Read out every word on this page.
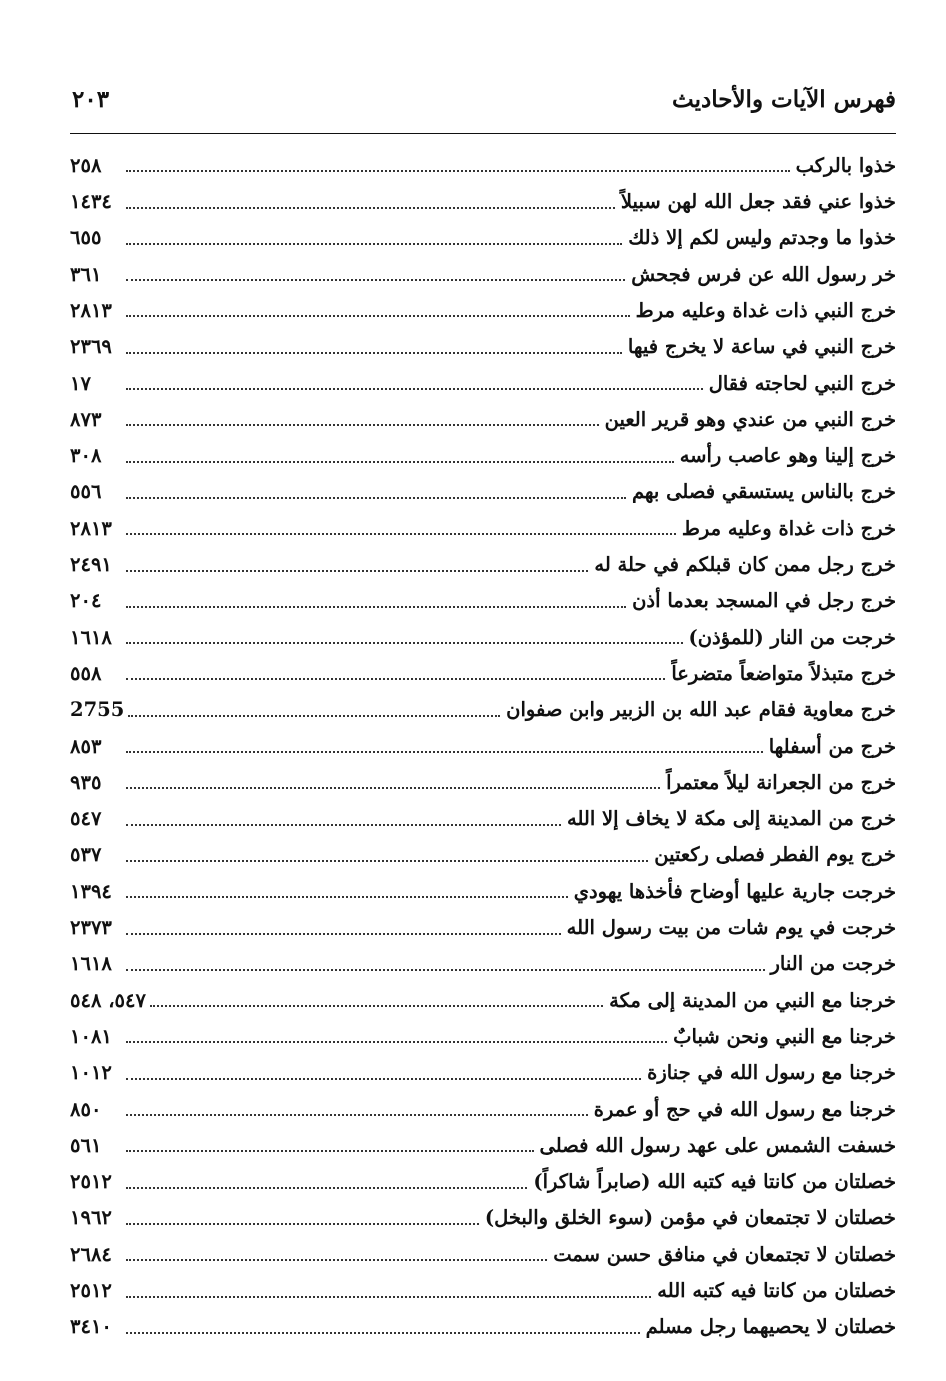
فهرس الآيات والأحاديث
٢٠٣
خذوا بالركب
٢٥٨
خذوا عني فقد جعل الله لهن سبيلاً
١٤٣٤
خذوا ما وجدتم وليس لكم إلا ذلك
٦٥٥
خر رسول الله عن فرس فجحش
٣٦١
خرج النبي ذات غداة وعليه مرط
٢٨١٣
خرج النبي في ساعة لا يخرج فيها
٢٣٦٩
خرج النبي لحاجته فقال
١٧
خرج النبي من عندي وهو قرير العين
٨٧٣
خرج إلينا وهو عاصب رأسه
٣٠٨
خرج بالناس يستسقي فصلى بهم
٥٥٦
خرج ذات غداة وعليه مرط
٢٨١٣
خرج رجل ممن كان قبلكم في حلة له
٢٤٩١
خرج رجل في المسجد بعدما أذن
٢٠٤
خرجت من النار (للمؤذن)
١٦١٨
خرج متبذلاً متواضعاً متضرعاً
٥٥٨
خرج معاوية فقام عبد الله بن الزبير وابن صفوان
2755
خرج من أسفلها
٨٥٣
خرج من الجعرانة ليلاً معتمراً
٩٣٥
خرج من المدينة إلى مكة لا يخاف إلا الله
٥٤٧
خرج يوم الفطر فصلى ركعتين
٥٣٧
خرجت جارية عليها أوضاح فأخذها يهودي
١٣٩٤
خرجت في يوم شات من بيت رسول الله
٢٣٧٣
خرجت من النار
١٦١٨
خرجنا مع النبي من المدينة إلى مكة
٥٤٧، ٥٤٨
خرجنا مع النبي ونحن شبابٌ
١٠٨١
خرجنا مع رسول الله في جنازة
١٠١٢
خرجنا مع رسول الله في حج أو عمرة
٨٥٠
خسفت الشمس على عهد رسول الله فصلى
٥٦١
خصلتان من كانتا فيه كتبه الله (صابراً شاكراً)
٢٥١٢
خصلتان لا تجتمعان في مؤمن (سوء الخلق والبخل)
١٩٦٢
خصلتان لا تجتمعان في منافق حسن سمت
٢٦٨٤
خصلتان من كانتا فيه كتبه الله
٢٥١٢
خصلتان لا يحصيهما رجل مسلم
٣٤١٠
